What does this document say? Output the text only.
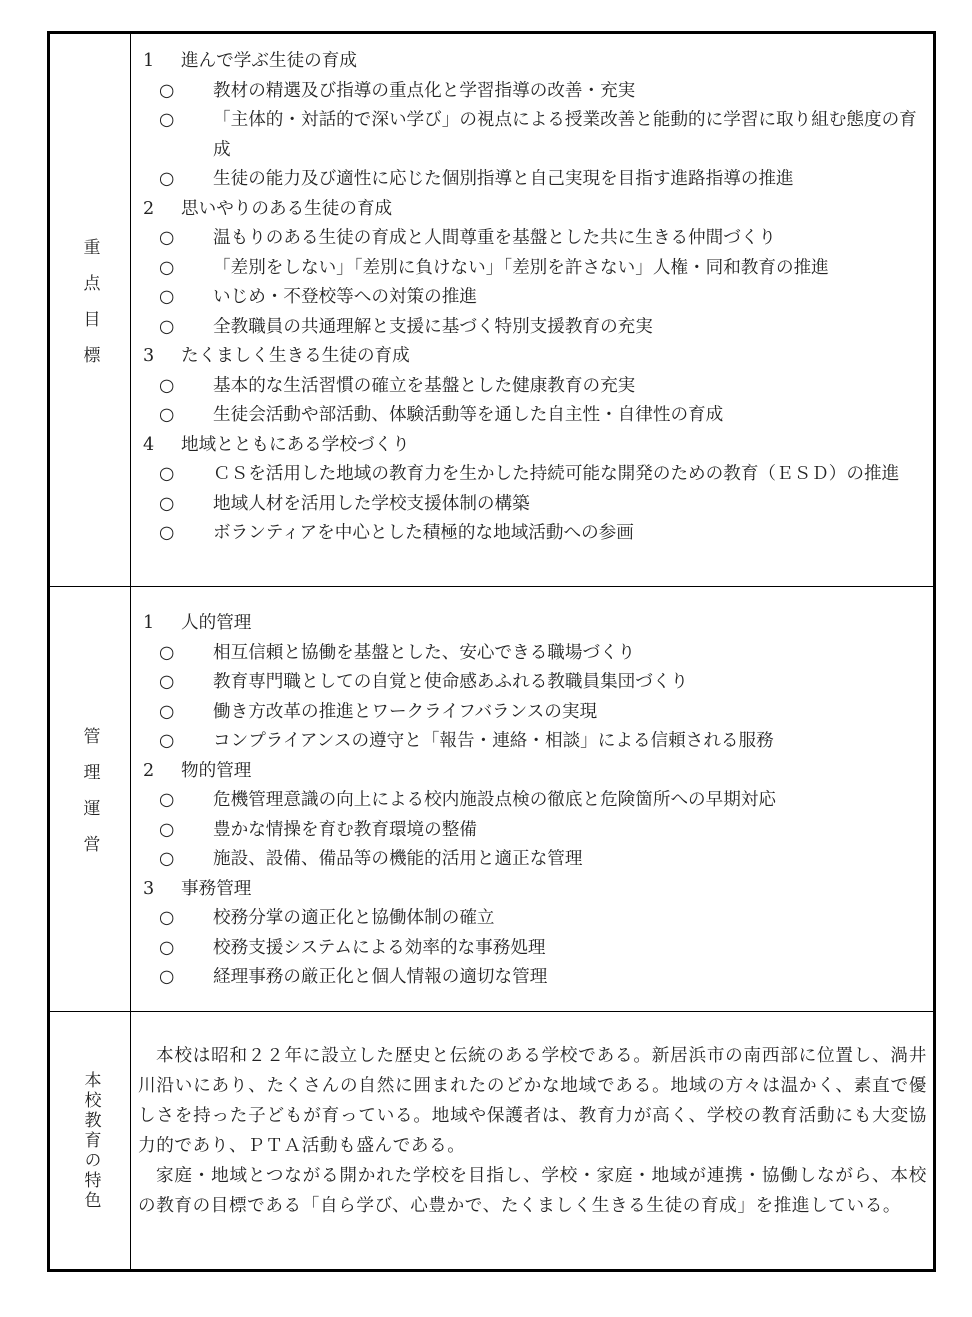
重点目標
1 進んで学ぶ生徒の育成
○ 教材の精選及び指導の重点化と学習指導の改善・充実
○ 「主体的・対話的で深い学び」の視点による授業改善と能動的に学習に取り組む態度の育成
○ 生徒の能力及び適性に応じた個別指導と自己実現を目指す進路指導の推進
2 思いやりのある生徒の育成
○ 温もりのある生徒の育成と人間尊重を基盤とした共に生きる仲間づくり
○ 「差別をしない」「差別に負けない」「差別を許さない」人権・同和教育の推進
○ いじめ・不登校等への対策の推進
○ 全教職員の共通理解と支援に基づく特別支援教育の充実
3 たくましく生きる生徒の育成
○ 基本的な生活習慣の確立を基盤とした健康教育の充実
○ 生徒会活動や部活動、体験活動等を通した自主性・自律性の育成
4 地域とともにある学校づくり
○ ＣＳを活用した地域の教育力を生かした持続可能な開発のための教育（ＥＳＤ）の推進
○ 地域人材を活用した学校支援体制の構築
○ ボランティアを中心とした積極的な地域活動への参画
管理運営
1 人的管理
○ 相互信頼と協働を基盤とした、安心できる職場づくり
○ 教育専門職としての自覚と使命感あふれる教職員集団づくり
○ 働き方改革の推進とワークライフバランスの実現
○ コンプライアンスの遵守と「報告・連絡・相談」による信頼される服務
2 物的管理
○ 危機管理意識の向上による校内施設点検の徹底と危険箇所への早期対応
○ 豊かな情操を育む教育環境の整備
○ 施設、設備、備品等の機能的活用と適正な管理
3 事務管理
○ 校務分掌の適正化と協働体制の確立
○ 校務支援システムによる効率的な事務処理
○ 経理事務の厳正化と個人情報の適切な管理
本校教育の特色

本校は昭和２２年に設立した歴史と伝統のある学校である。新居浜市の南西部に位置し、渦井川沿いにあり、たくさんの自然に囲まれたのどかな地域である。地域の方々は温かく、素直で優しさを持った子どもが育っている。地域や保護者は、教育力が高く、学校の教育活動にも大変協力的であり、ＰＴＡ活動も盛んである。

家庭・地域とつながる開かれた学校を目指し、学校・家庭・地域が連携・協働しながら、本校の教育の目標である「自ら学び、心豊かで、たくましく生きる生徒の育成」を推進している。
